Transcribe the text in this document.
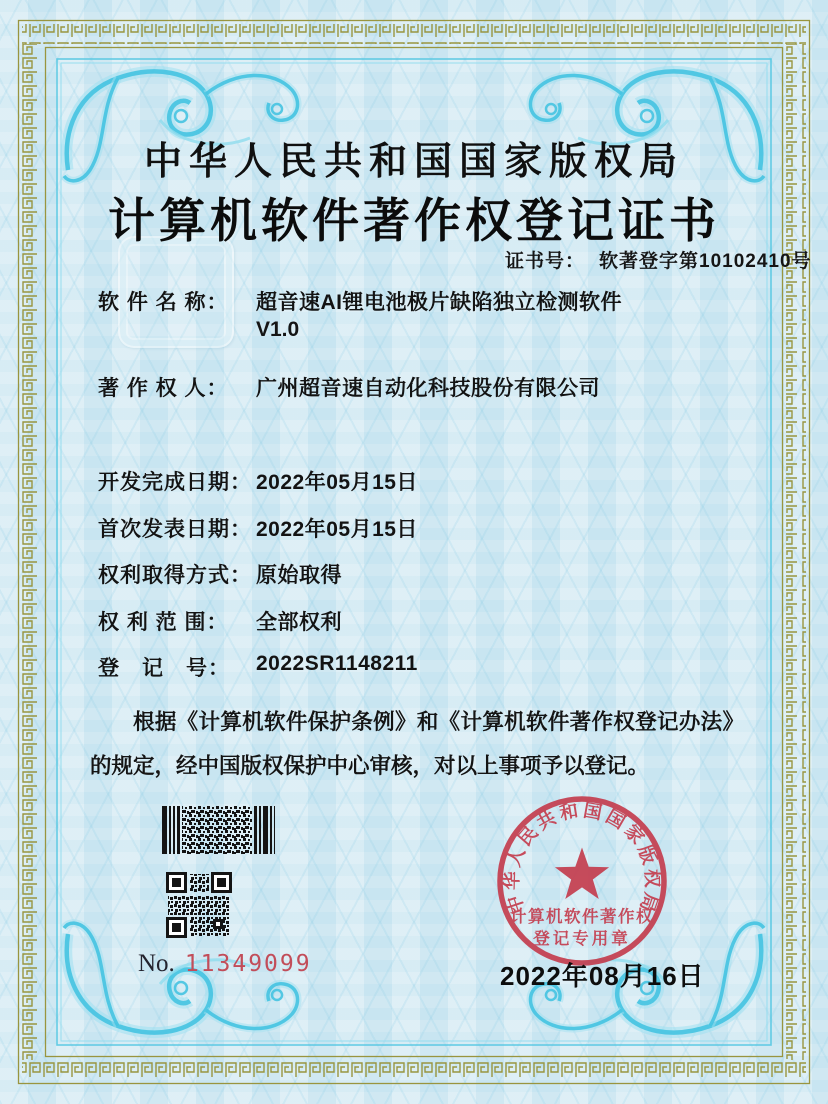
中华人民共和国国家版权局
计算机软件著作权登记证书
证书号： 软著登字第10102410号
软 件 名 称：	超音速AI锂电池极片缺陷独立检测软件
V1.0
著 作 权 人：	广州超音速自动化科技股份有限公司
开发完成日期： 2022年05月15日
首次发表日期： 2022年05月15日
权利取得方式： 原始取得
权 利 范 围：	全部权利
登　记　号：	2022SR1148211
根据《计算机软件保护条例》和《计算机软件著作权登记办法》的规定，经中国版权保护中心审核，对以上事项予以登记。
中华人民共和国国家版权局
计算机软件著作权
登记专用章
No. 11349099	2022年08月16日
